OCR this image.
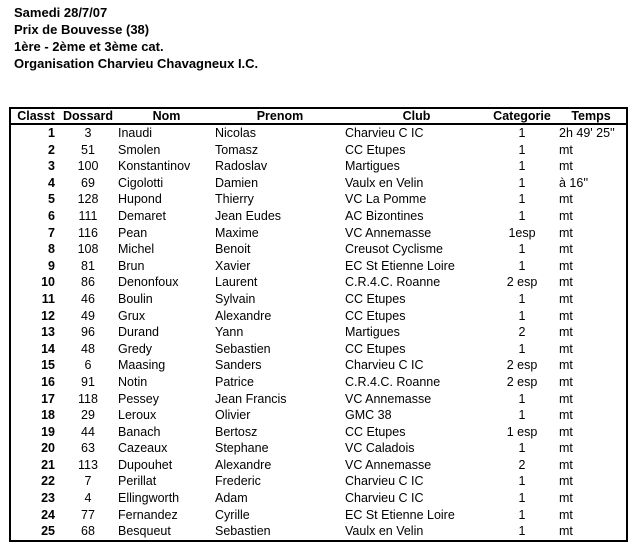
Samedi 28/7/07
Prix de Bouvesse (38)
1ère - 2ème et 3ème cat.
Organisation Charvieu Chavagneux I.C.
Classt	Dossard	Nom	Prenom	Club	Categorie	Temps
1	3	Inaudi	Nicolas	Charvieu C IC	1	2h 49' 25''
2	51	Smolen	Tomasz	CC Etupes	1	mt
3	100	Konstantinov	Radoslav	Martigues	1	mt
4	69	Cigolotti	Damien	Vaulx en Velin	1	à 16''
5	128	Hupond	Thierry	VC La Pomme	1	mt
6	111	Demaret	Jean Eudes	AC Bizontines	1	mt
7	116	Pean	Maxime	VC Annemasse	1esp	mt
8	108	Michel	Benoit	Creusot Cyclisme	1	mt
9	81	Brun	Xavier	EC St Etienne Loire	1	mt
10	86	Denonfoux	Laurent	C.R.4.C. Roanne	2 esp	mt
11	46	Boulin	Sylvain	CC Etupes	1	mt
12	49	Grux	Alexandre	CC Etupes	1	mt
13	96	Durand	Yann	Martigues	2	mt
14	48	Gredy	Sebastien	CC Etupes	1	mt
15	6	Maasing	Sanders	Charvieu C IC	2 esp	mt
16	91	Notin	Patrice	C.R.4.C. Roanne	2 esp	mt
17	118	Pessey	Jean Francis	VC Annemasse	1	mt
18	29	Leroux	Olivier	GMC 38	1	mt
19	44	Banach	Bertosz	CC Etupes	1 esp	mt
20	63	Cazeaux	Stephane	VC Caladois	1	mt
21	113	Dupouhet	Alexandre	VC Annemasse	2	mt
22	7	Perillat	Frederic	Charvieu C IC	1	mt
23	4	Ellingworth	Adam	Charvieu C IC	1	mt
24	77	Fernandez	Cyrille	EC St Etienne Loire	1	mt
25	68	Besqueut	Sebastien	Vaulx en Velin	1	mt
